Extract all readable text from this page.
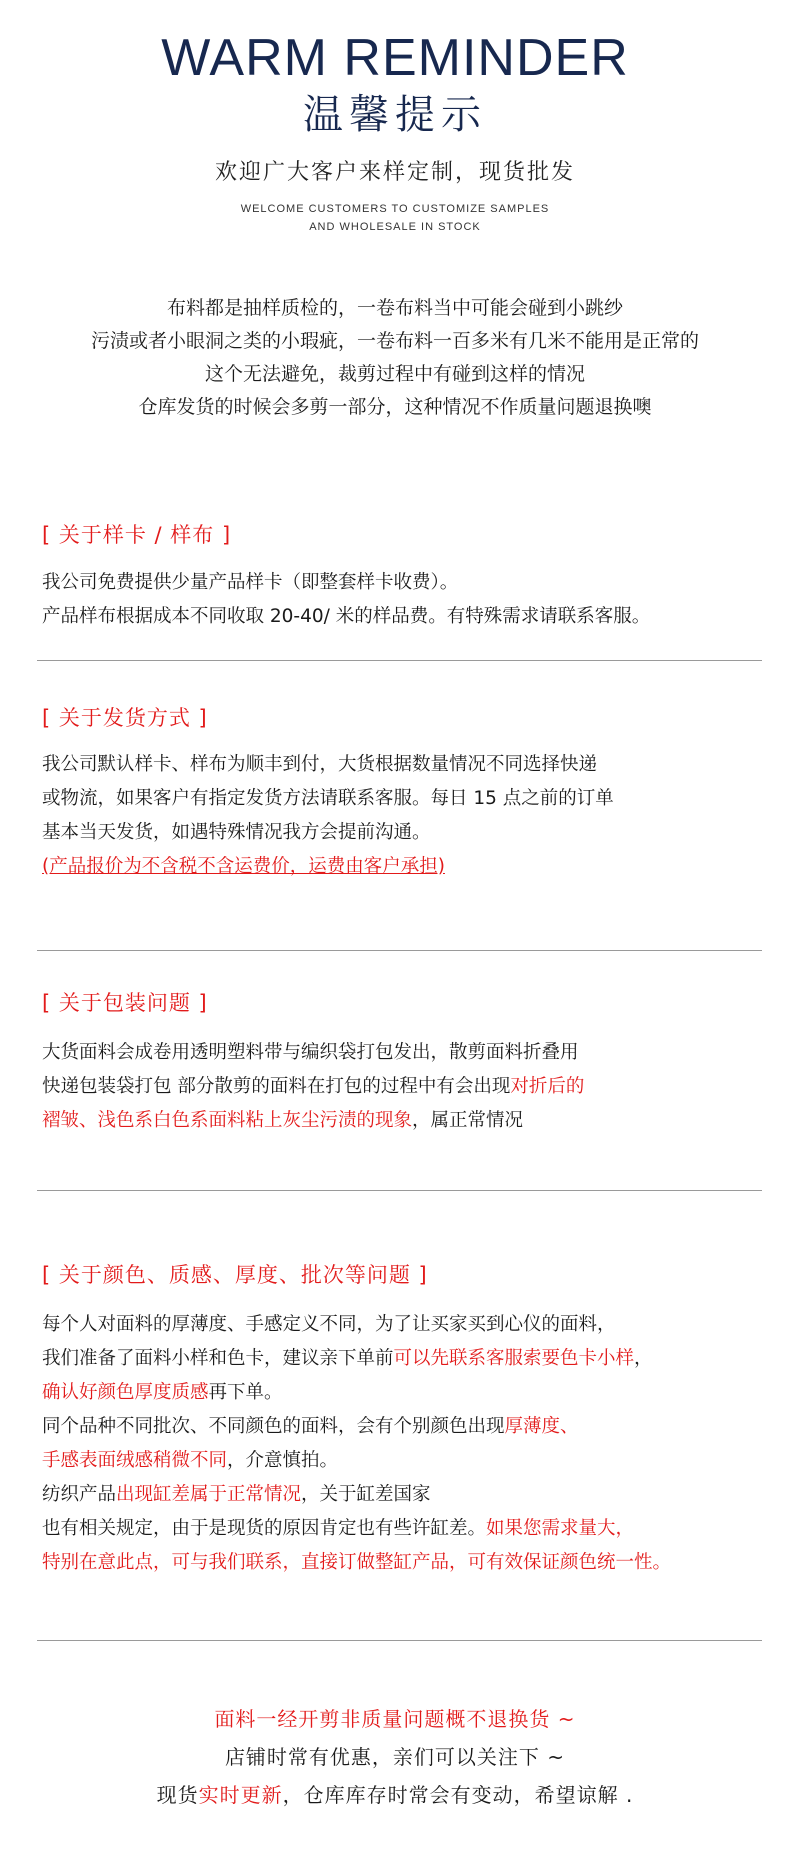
WARM REMINDER
温馨提示
欢迎广大客户来样定制，现货批发
WELCOME CUSTOMERS TO CUSTOMIZE SAMPLES
AND WHOLESALE IN STOCK
布料都是抽样质检的，一卷布料当中可能会碰到小跳纱
污渍或者小眼洞之类的小瑕疵，一卷布料一百多米有几米不能用是正常的
这个无法避免，裁剪过程中有碰到这样的情况
仓库发货的时候会多剪一部分，这种情况不作质量问题退换噢
[ 关于样卡 / 样布 ]
我公司免费提供少量产品样卡（即整套样卡收费）。
产品样布根据成本不同收取 20-40/ 米的样品费。有特殊需求请联系客服。
[ 关于发货方式 ]
我公司默认样卡、样布为顺丰到付，大货根据数量情况不同选择快递
或物流，如果客户有指定发货方法请联系客服。每日 15 点之前的订单
基本当天发货，如遇特殊情况我方会提前沟通。
(产品报价为不含税不含运费价，运费由客户承担)
[ 关于包装问题 ]
大货面料会成卷用透明塑料带与编织袋打包发出，散剪面料折叠用
快递包装袋打包 部分散剪的面料在打包的过程中有会出现对折后的
褶皱、浅色系白色系面料粘上灰尘污渍的现象，属正常情况
[ 关于颜色、质感、厚度、批次等问题 ]
每个人对面料的厚薄度、手感定义不同，为了让买家买到心仪的面料，
我们准备了面料小样和色卡，建议亲下单前可以先联系客服索要色卡小样，
确认好颜色厚度质感再下单。
同个品种不同批次、不同颜色的面料，会有个别颜色出现厚薄度、
手感表面绒感稍微不同，介意慎拍。
纺织产品出现缸差属于正常情况，关于缸差国家
也有相关规定，由于是现货的原因肯定也有些许缸差。如果您需求量大，
特别在意此点，可与我们联系，直接订做整缸产品，可有效保证颜色统一性。
面料一经开剪非质量问题概不退换货 ~
店铺时常有优惠，亲们可以关注下 ~
现货实时更新，仓库库存时常会有变动，希望谅解 .
